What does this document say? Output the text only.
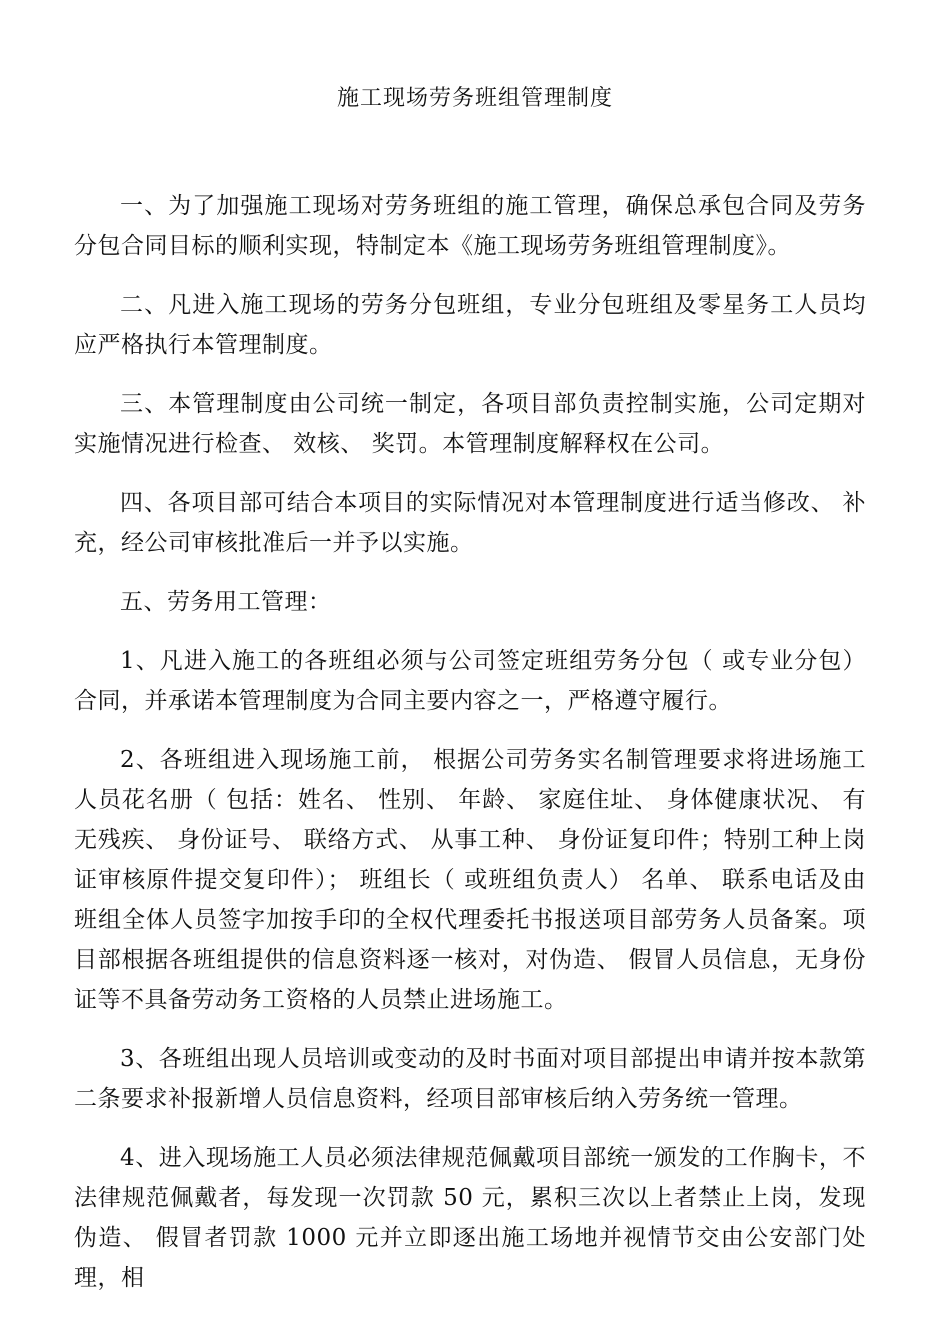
施工现场劳务班组管理制度

一、为了加强施工现场对劳务班组的施工管理，确保总承包合同及劳务分包合同目标的顺利实现，特制定本《施工现场劳务班组管理制度》。

二、凡进入施工现场的劳务分包班组，专业分包班组及零星务工人员均应严格执行本管理制度。

三、本管理制度由公司统一制定，各项目部负责控制实施，公司定期对实施情况进行检查、 效核、 奖罚。本管理制度解释权在公司。

四、各项目部可结合本项目的实际情况对本管理制度进行适当修改、 补充，经公司审核批准后一并予以实施。

五、劳务用工管理：

1、凡进入施工的各班组必须与公司签定班组劳务分包（ 或专业分包） 合同，并承诺本管理制度为合同主要内容之一，严格遵守履行。

2、各班组进入现场施工前， 根据公司劳务实名制管理要求将进场施工人员花名册（ 包括：姓名、 性别、 年龄、 家庭住址、 身体健康状况、 有无残疾、 身份证号、 联络方式、 从事工种、 身份证复印件；特别工种上岗证审核原件提交复印件）； 班组长（ 或班组负责人） 名单、 联系电话及由班组全体人员签字加按手印的全权代理委托书报送项目部劳务人员备案。项目部根据各班组提供的信息资料逐一核对，对伪造、 假冒人员信息，无身份证等不具备劳动务工资格的人员禁止进场施工。

3、各班组出现人员培训或变动的及时书面对项目部提出申请并按本款第二条要求补报新增人员信息资料，经项目部审核后纳入劳务统一管理。

4、进入现场施工人员必须法律规范佩戴项目部统一颁发的工作胸卡，不法律规范佩戴者，每发现一次罚款 50 元，累积三次以上者禁止上岗，发现伪造、 假冒者罚款 1000 元并立即逐出施工场地并视情节交由公安部门处理，相
